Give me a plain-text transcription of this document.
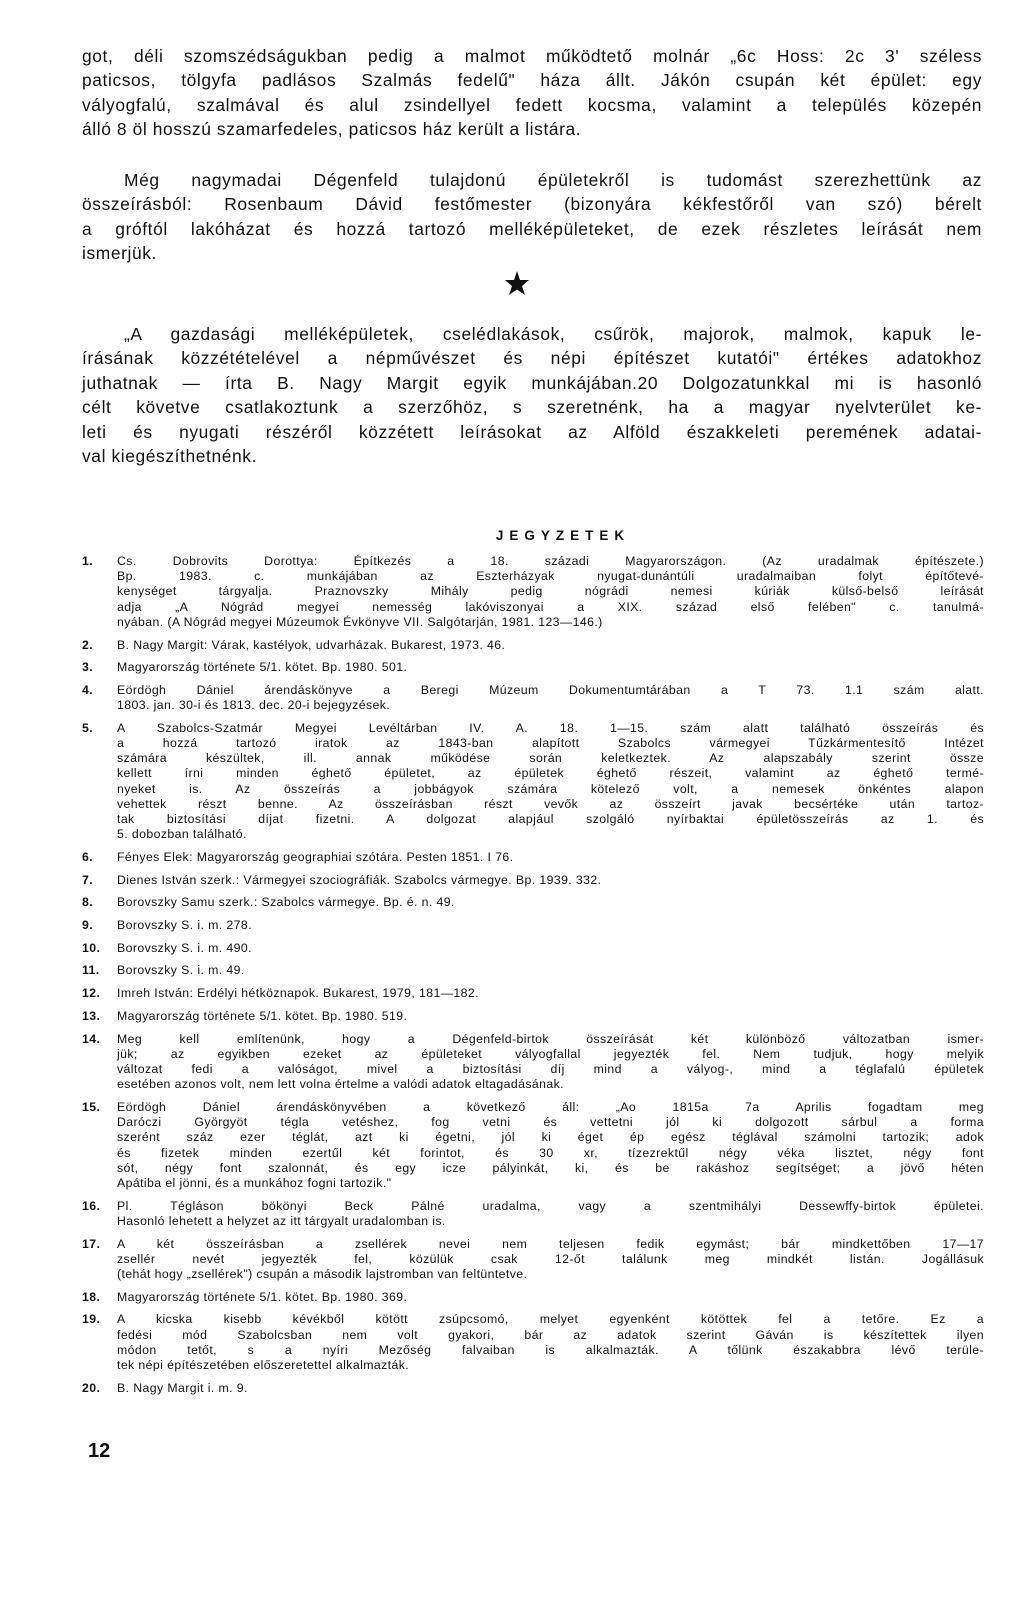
got, déli szomszédságukban pedig a malmot működtető molnár „6c Hoss: 2c 3' széless
paticsos, tölgyfa padlásos Szalmás fedelű" háza állt. Jákón csupán két épület: egy
vályogfalú, szalmával és alul zsindellyel fedett kocsma, valamint a település közepén
álló 8 öl hosszú szamarfedeles, paticsos ház került a listára.
Még nagymadai Dégenfeld tulajdonú épületekről is tudomást szerezhettünk az
összeírásból: Rosenbaum Dávid festőmester (bizonyára kékfestőről van szó) bérelt
a gróftól lakóházat és hozzá tartozó melléképületeket, de ezek részletes leírását nem
ismerjük.
„A gazdasági melléképületek, cselédlakások, csűrök, majorok, malmok, kapuk le-
írásának közzétételével a népművészet és népi építészet kutatói" értékes adatokhoz
juthatnak — írta B. Nagy Margit egyik munkájában.20 Dolgozatunkkal mi is hasonló
célt követve csatlakoztunk a szerzőhöz, s szeretnénk, ha a magyar nyelvterület ke-
leti és nyugati részéről közzétett leírásokat az Alföld északkeleti peremének adatai-
val kiegészíthetnénk.
JEGYZETEK
1.	Cs. Dobrovits Dorottya: Építkezés a 18. századi Magyarországon. (Az uradalmak építészete.)
Bp. 1983. c. munkájában az Eszterházyak nyugat-dunántúli uradalmaiban folyt építőtevé-
kenységet tárgyalja. Praznovszky Mihály pedig nógrádi nemesi kúriák külső-belső leírását
adja „A Nógrád megyei nemesség lakóviszonyai a XIX. század első felében" c. tanulmá-
nyában. (A Nógrád megyei Múzeumok Évkönyve VII. Salgótarján, 1981. 123—146.)
2.	B. Nagy Margit: Várak, kastélyok, udvarházak. Bukarest, 1973. 46.
3.	Magyarország története 5/1. kötet. Bp. 1980. 501.
4.	Eördögh Dániel árendáskönyve a Beregi Múzeum Dokumentumtárában a T 73. 1.1 szám alatt.
1803. jan. 30-i és 1813. dec. 20-i bejegyzések.
5.	A Szabolcs-Szatmár Megyei Levéltárban IV. A. 18. 1—15. szám alatt található összeírás és
a hozzá tartozó iratok az 1843-ban alapított Szabolcs vármegyei Tűzkármentesítő Intézet
számára készültek, ill. annak működése során keletkeztek. Az alapszabály szerint össze
kellett írni minden éghető épületet, az épületek éghető részeit, valamint az éghető termé-
nyeket is. Az összeírás a jobbágyok számára kötelező volt, a nemesek önkéntes alapon
vehettek részt benne. Az összeírásban részt vevők az összeírt javak becsértéke után tartoz-
tak biztosítási díjat fizetni. A dolgozat alapjául szolgáló nyírbaktai épületösszeírás az 1. és
5. dobozban található.
6.	Fényes Elek: Magyarország geographiai szótára. Pesten 1851. I 76.
7.	Dienes István szerk.: Vármegyei szociográfiák. Szabolcs vármegye. Bp. 1939. 332.
8.	Borovszky Samu szerk.: Szabolcs vármegye. Bp. é. n. 49.
9.	Borovszky S. i. m. 278.
10.	Borovszky S. i. m. 490.
11.	Borovszky S. i. m. 49.
12.	Imreh István: Erdélyi hétköznapok. Bukarest, 1979, 181—182.
13.	Magyarország története 5/1. kötet. Bp. 1980. 519.
14.	Meg kell említenünk, hogy a Dégenfeld-birtok összeírását két különböző változatban ismer-
jük; az egyikben ezeket az épületeket vályogfallal jegyezték fel. Nem tudjuk, hogy melyik
változat fedi a valóságot, mivel a biztosítási díj mind a vályog-, mind a téglafalú épületek
esetében azonos volt, nem lett volna értelme a valódi adatok eltagadásának.
15.	Eördögh Dániel árendáskönyvében a következő áll: „Ao 1815a 7a Aprilis fogadtam meg
Daróczi Györgyöt tégla vetéshez, fog vetni és vettetni jól ki dolgozott sárbul a forma
szerént száz ezer téglát, azt ki égetni, jól ki éget ép egész téglával számolni tartozik; adok
és fizetek minden ezertűl két forintot, és 30 xr, tízezrektűl négy véka lisztet, négy font
sót, négy font szalonnát, és egy icze pályinkát, ki, és be rakáshoz segítséget; a jövő héten
Apátiba el jönni, és a munkához fogni tartozik."
16.	Pl. Tégláson bökönyi Beck Pálné uradalma, vagy a szentmihályi Dessewffy-birtok épületei.
Hasonló lehetett a helyzet az itt tárgyalt uradalomban is.
17.	A két összeírásban a zsellérek nevei nem teljesen fedik egymást; bár mindkettőben 17—17
zsellér nevét jegyezték fel, közülük csak 12-őt találunk meg mindkét listán. Jogállásuk
(tehát hogy „zsellérek") csupán a második lajstromban van feltüntetve.
18.	Magyarország története 5/1. kötet. Bp. 1980. 369.
19.	A kicska kisebb kévékből kötött zsúpcsomó, melyet egyenként kötöttek fel a tetőre. Ez a
fedési mód Szabolcsban nem volt gyakori, bár az adatok szerint Gáván is készítettek ilyen
módon tetőt, s a nyíri Mezőség falvaiban is alkalmazták. A tőlünk északabbra lévő terüle-
tek népi építészetében előszeretettel alkalmazták.
20.	B. Nagy Margit i. m. 9.
12
